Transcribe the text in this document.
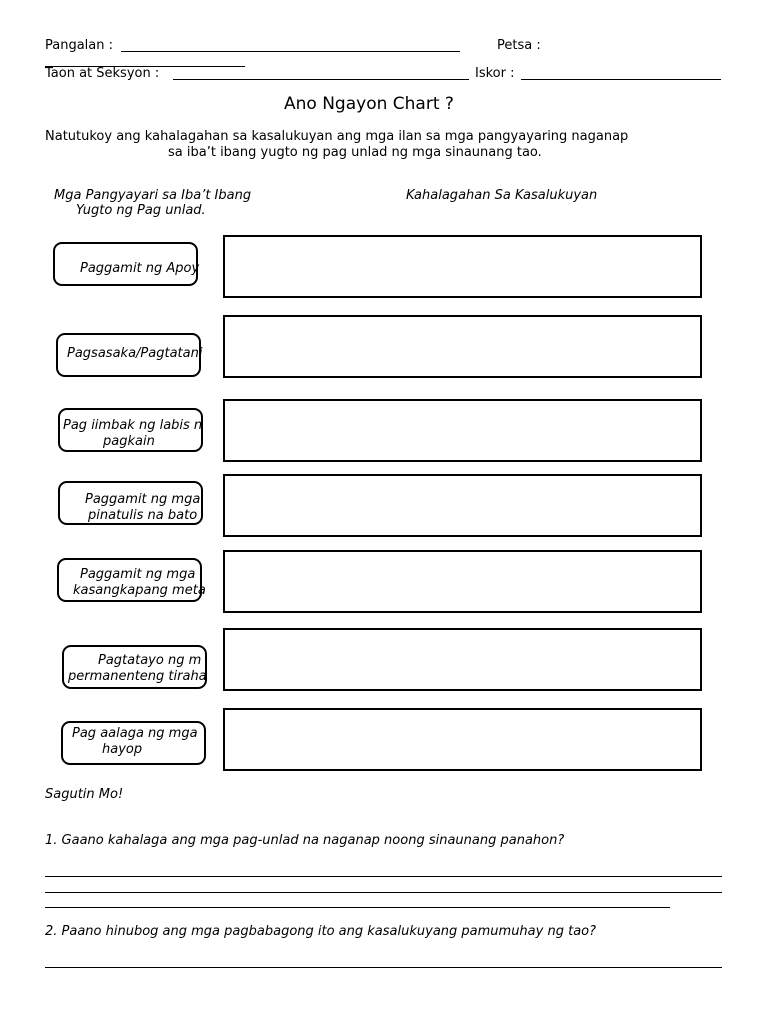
Pangalan :	Petsa :
Taon at Seksyon :	Iskor :
Ano Ngayon Chart ?
Natutukoy ang kahalagahan sa kasalukuyan ang mga ilan sa mga pangyayaring naganap
sa iba’t ibang yugto ng pag unlad ng mga sinaunang tao.
Mga Pangyayari sa Iba’t Ibang
Yugto ng Pag unlad.
Kahalagahan Sa Kasalukuyan
Paggamit ng Apoy
Pagsasaka/Pagtatani
Pag iimbak ng labis n
pagkain
Paggamit ng mga
pinatulis na bato
Paggamit ng mga
kasangkapang meta
Pagtatayo ng m
permanenteng tiraha
Pag aalaga ng mga
hayop
Sagutin Mo!
1. Gaano kahalaga ang mga pag-unlad na naganap noong sinaunang panahon?
2. Paano hinubog ang mga pagbabagong ito ang kasalukuyang pamumuhay ng tao?
